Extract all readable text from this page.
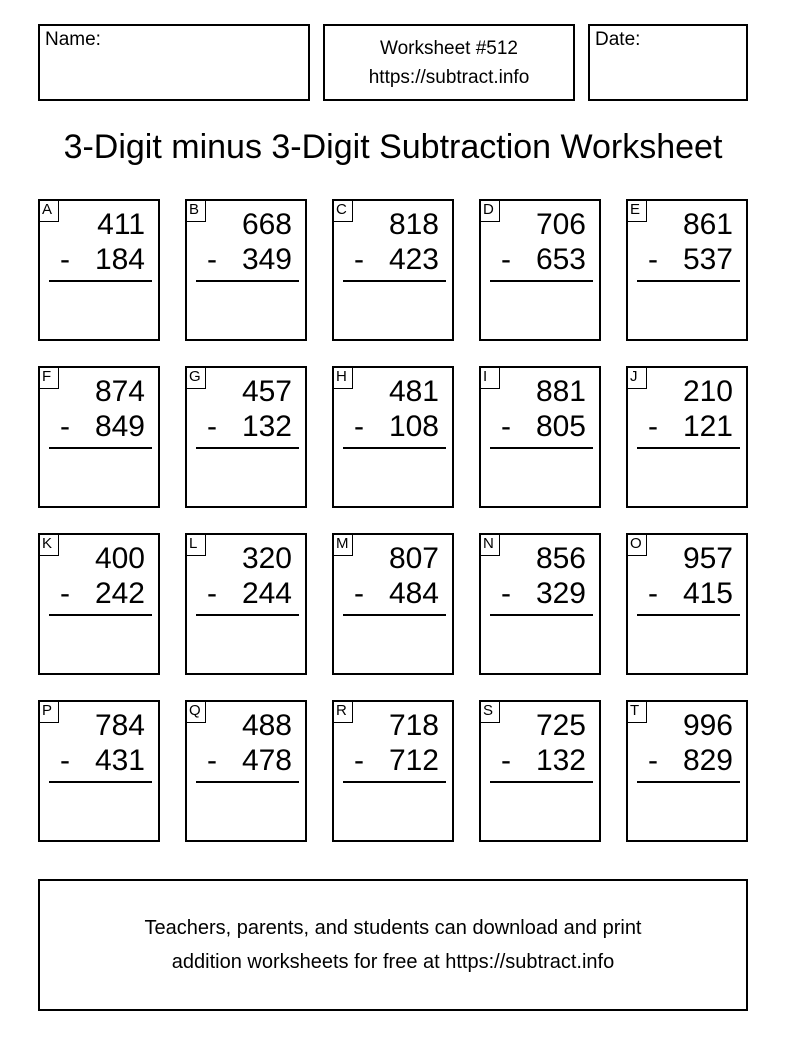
Name:	Worksheet #512
https://subtract.info
Date:
3-Digit minus 3-Digit Subtraction Worksheet
A 411
- 184
B 668
- 349
C 818
- 423
D 706
- 653
E 861
- 537
F 874
- 849
G 457
- 132
H 481
- 108
I	881
- 805
J	210
- 121
K 400
- 242
L 320
- 244
M 807
- 484
N 856
- 329
O 957
- 415
P 784
- 431
Q 488
- 478
R 718
- 712
S 725
- 132
T 996
- 829
Teachers, parents, and students can download and print
addition worksheets for free at https://subtract.info
